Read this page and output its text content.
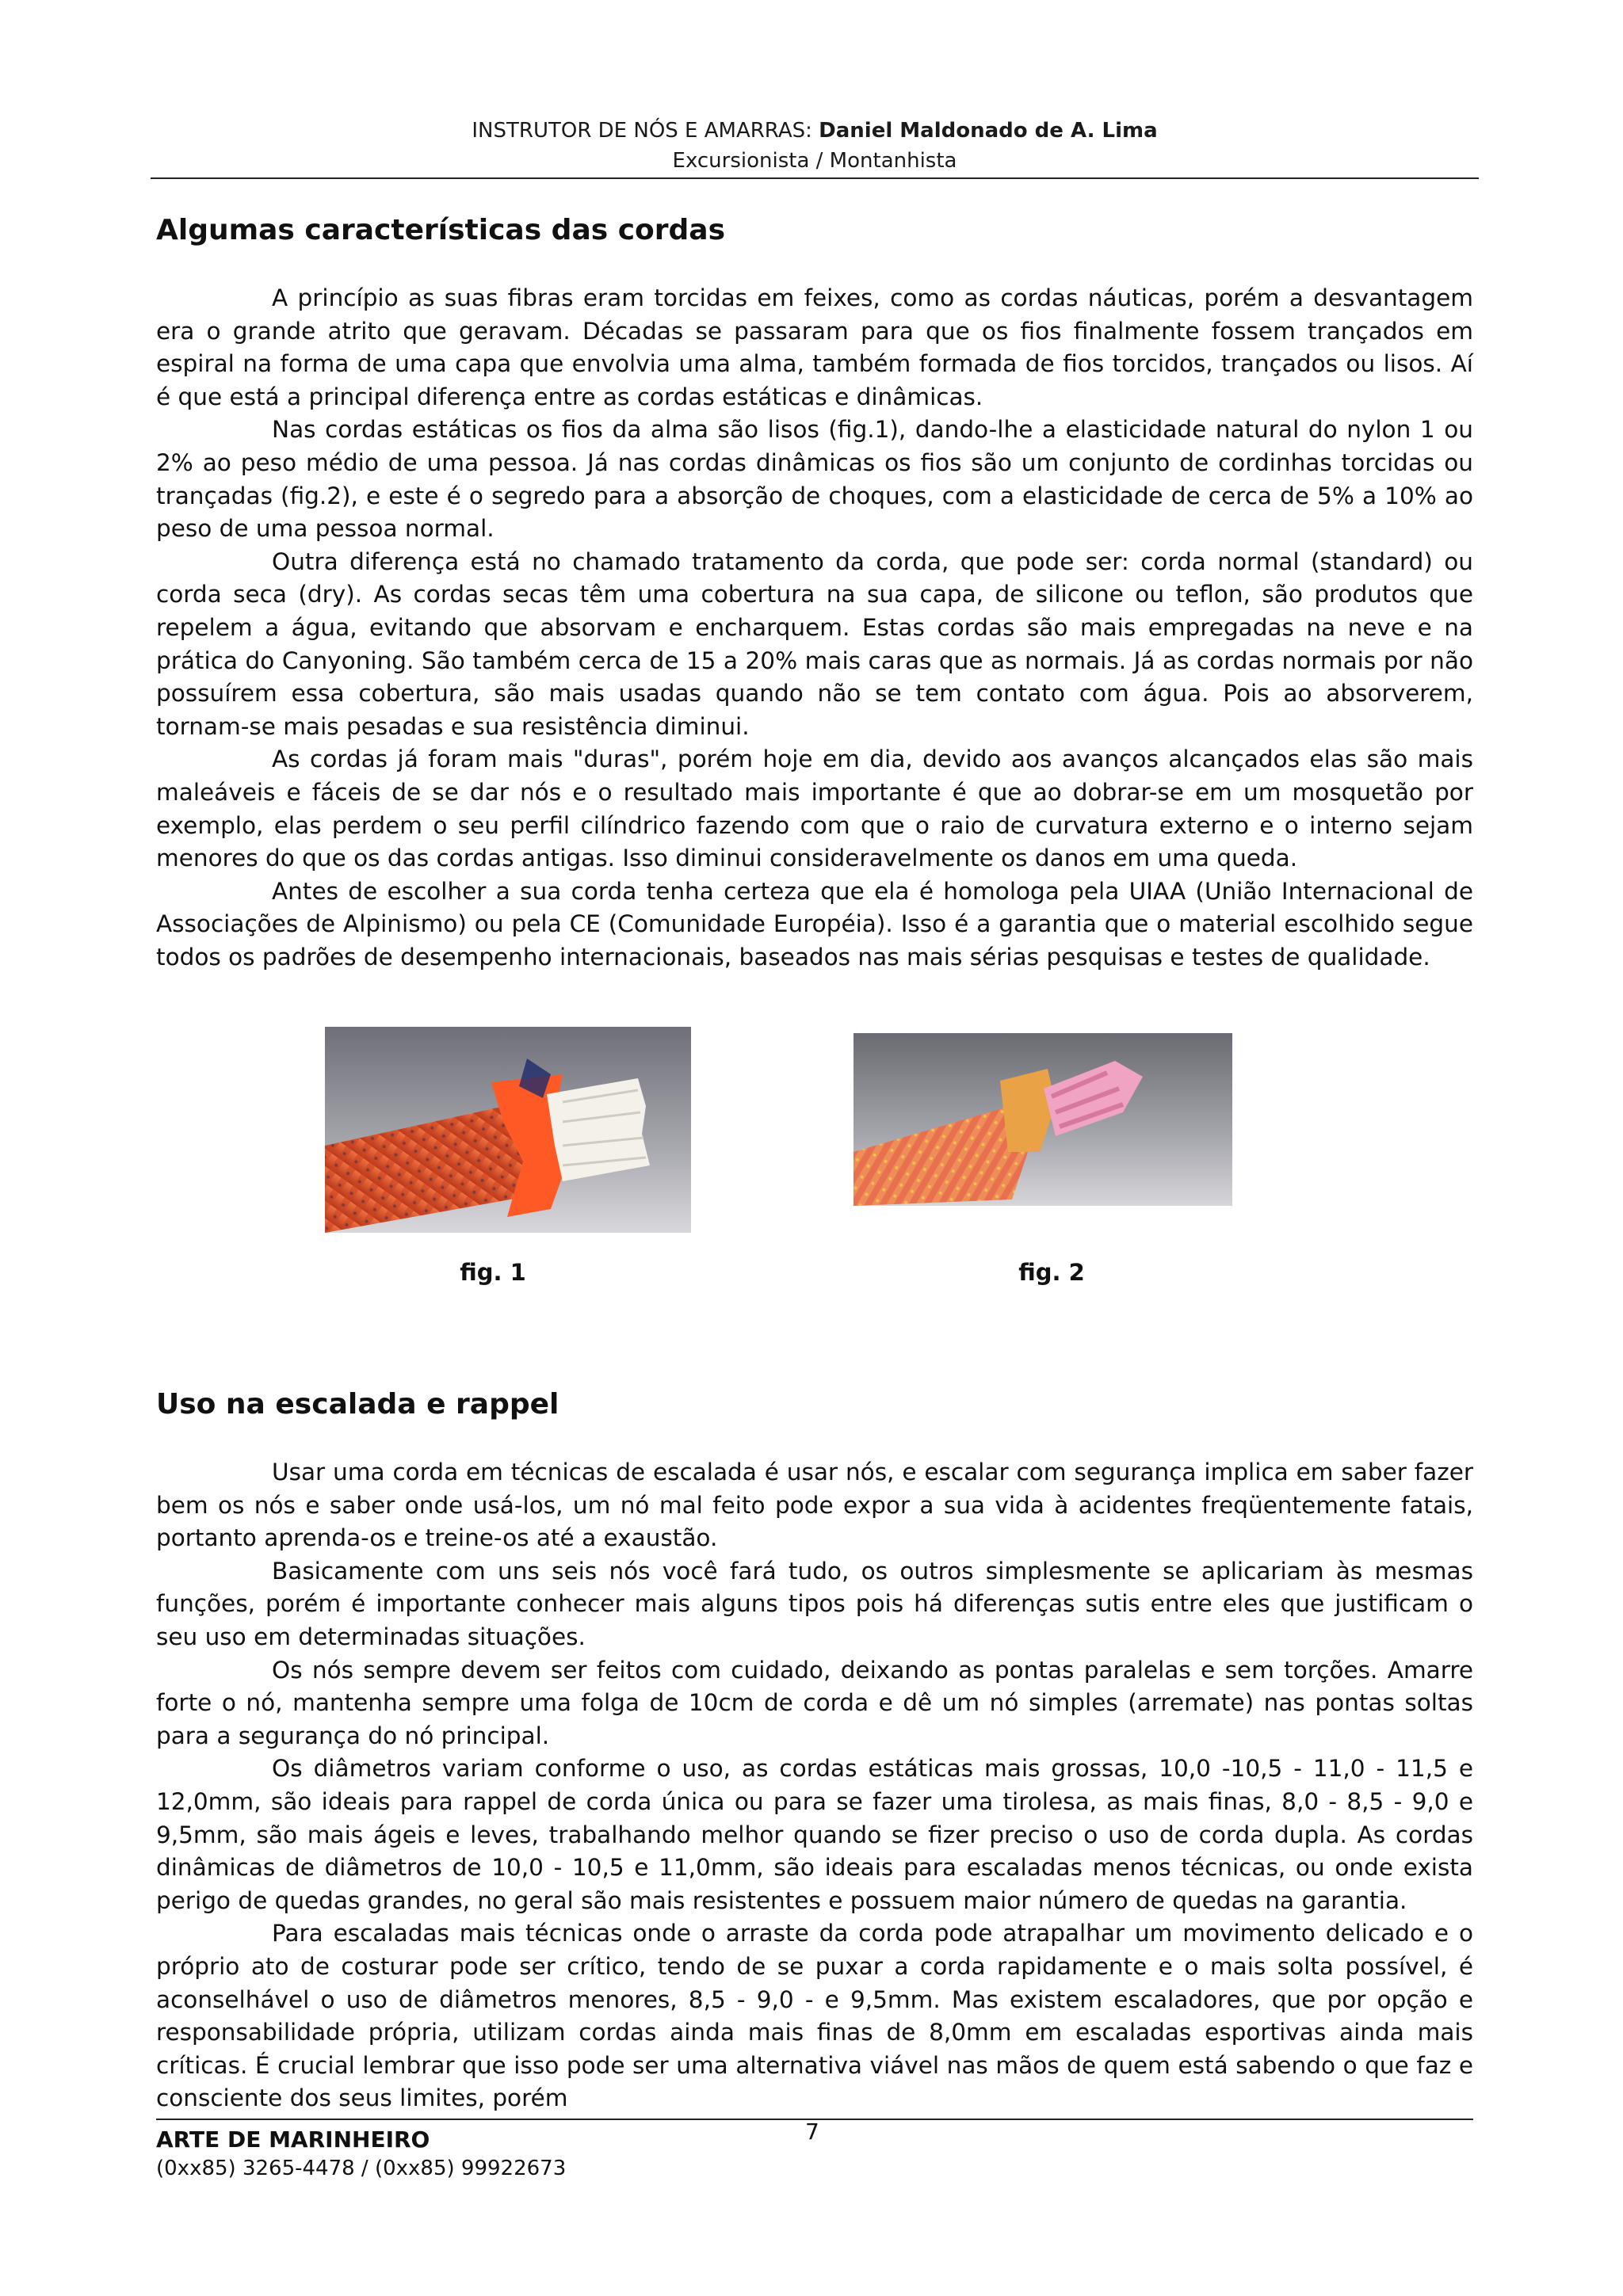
INSTRUTOR DE NÓS E AMARRAS: Daniel Maldonado de A. Lima
Excursionista / Montanhista
Algumas características das cordas

A princípio as suas fibras eram torcidas em feixes, como as cordas náuticas, porém a desvantagem era o grande atrito que geravam. Décadas se passaram para que os fios finalmente fossem trançados em espiral na forma de uma capa que envolvia uma alma, também formada de fios torcidos, trançados ou lisos. Aí é que está a principal diferença entre as cordas estáticas e dinâmicas.

Nas cordas estáticas os fios da alma são lisos (fig.1), dando-lhe a elasticidade natural do nylon 1 ou 2% ao peso médio de uma pessoa. Já nas cordas dinâmicas os fios são um conjunto de cordinhas torcidas ou trançadas (fig.2), e este é o segredo para a absorção de choques, com a elasticidade de cerca de 5% a 10% ao peso de uma pessoa normal.

Outra diferença está no chamado tratamento da corda, que pode ser: corda normal (standard) ou corda seca (dry). As cordas secas têm uma cobertura na sua capa, de silicone ou teflon, são produtos que repelem a água, evitando que absorvam e encharquem. Estas cordas são mais empregadas na neve e na prática do Canyoning. São também cerca de 15 a 20% mais caras que as normais. Já as cordas normais por não possuírem essa cobertura, são mais usadas quando não se tem contato com água. Pois ao absorverem, tornam-se mais pesadas e sua resistência diminui.

As cordas já foram mais "duras", porém hoje em dia, devido aos avanços alcançados elas são mais maleáveis e fáceis de se dar nós e o resultado mais importante é que ao dobrar-se em um mosquetão por exemplo, elas perdem o seu perfil cilíndrico fazendo com que o raio de curvatura externo e o interno sejam menores do que os das cordas antigas. Isso diminui consideravelmente os danos em uma queda.

Antes de escolher a sua corda tenha certeza que ela é homologa pela UIAA (União Internacional de Associações de Alpinismo) ou pela CE (Comunidade Européia). Isso é a garantia que o material escolhido segue todos os padrões de desempenho internacionais, baseados nas mais sérias pesquisas e testes de qualidade.

fig. 1	fig. 2
Uso na escalada e rappel

Usar uma corda em técnicas de escalada é usar nós, e escalar com segurança implica em saber fazer bem os nós e saber onde usá-los, um nó mal feito pode expor a sua vida à acidentes freqüentemente fatais, portanto aprenda-os e treine-os até a exaustão.

Basicamente com uns seis nós você fará tudo, os outros simplesmente se aplicariam às mesmas funções, porém é importante conhecer mais alguns tipos pois há diferenças sutis entre eles que justificam o seu uso em determinadas situações.

Os nós sempre devem ser feitos com cuidado, deixando as pontas paralelas e sem torções. Amarre forte o nó, mantenha sempre uma folga de 10cm de corda e dê um nó simples (arremate) nas pontas soltas para a segurança do nó principal.

Os diâmetros variam conforme o uso, as cordas estáticas mais grossas, 10,0 -10,5 - 11,0 - 11,5 e 12,0mm, são ideais para rappel de corda única ou para se fazer uma tirolesa, as mais finas, 8,0 - 8,5 - 9,0 e 9,5mm, são mais ágeis e leves, trabalhando melhor quando se fizer preciso o uso de corda dupla. As cordas dinâmicas de diâmetros de 10,0 - 10,5 e 11,0mm, são ideais para escaladas menos técnicas, ou onde exista perigo de quedas grandes, no geral são mais resistentes e possuem maior número de quedas na garantia.

Para escaladas mais técnicas onde o arraste da corda pode atrapalhar um movimento delicado e o próprio ato de costurar pode ser crítico, tendo de se puxar a corda rapidamente e o mais solta possível, é aconselhável o uso de diâmetros menores, 8,5 - 9,0 - e 9,5mm. Mas existem escaladores, que por opção e responsabilidade própria, utilizam cordas ainda mais finas de 8,0mm em escaladas esportivas ainda mais críticas. É crucial lembrar que isso pode ser uma alternativa viável nas mãos de quem está sabendo o que faz e consciente dos seus limites, porém

ARTE DE MARINHEIRO
(0xx85) 3265-4478 / (0xx85) 99922673
7
